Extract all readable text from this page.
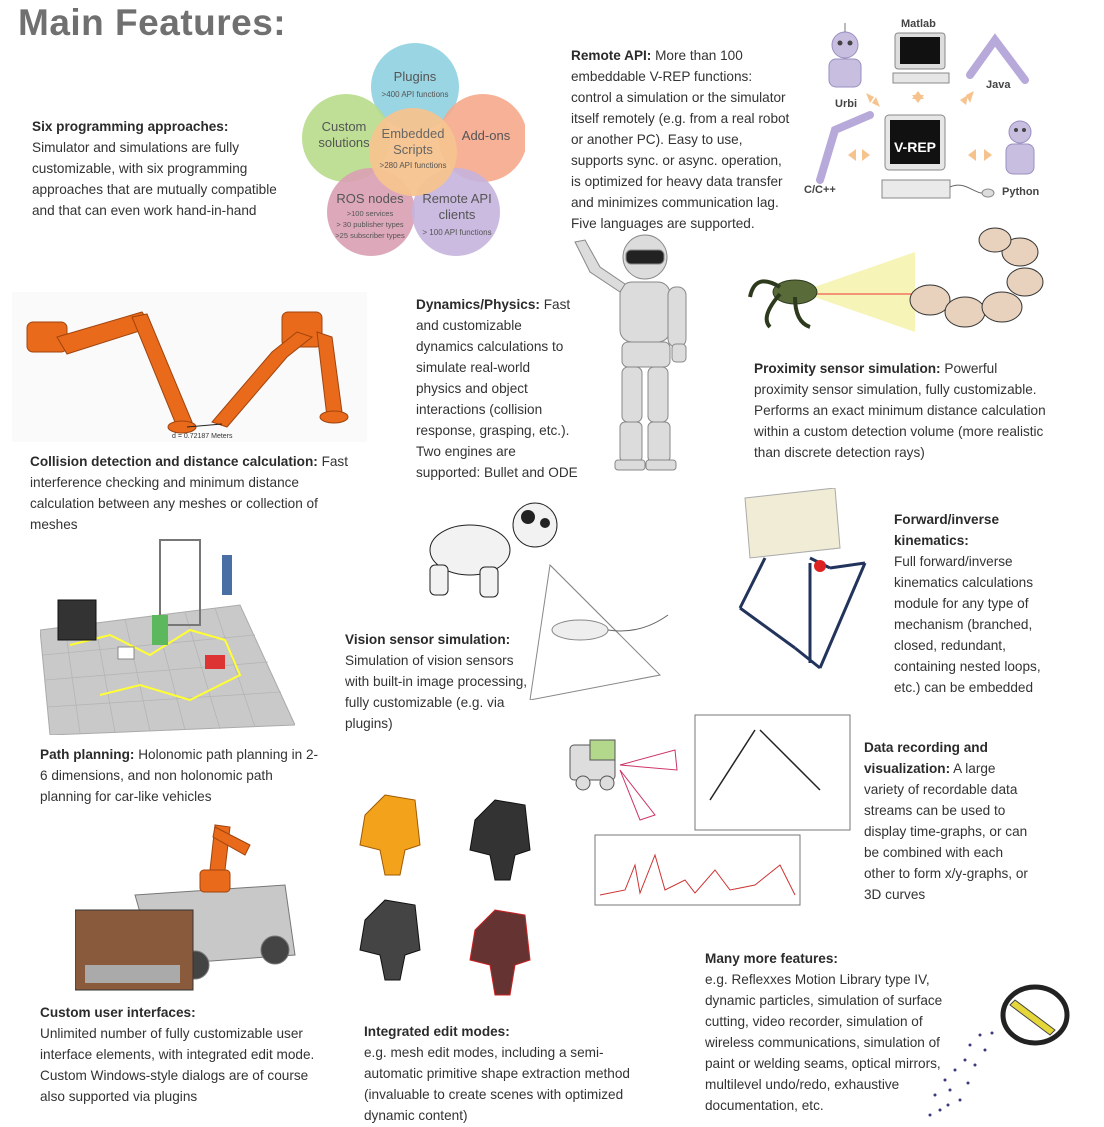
Main Features:
Six programming approaches:
Simulator and simulations are fully customizable, with six programming approaches that are mutually compatible and that can even work hand-in-hand
Plugins
>400 API functions
Custom
solutions	Add-ons
Embedded
Scripts
>280 API functions
ROS nodes
>100 services
> 30 publisher types
>25 subscriber types
Remote API
clients
> 100 API functions
Remote API: More than 100 embeddable V-REP functions: control a simulation or the simulator itself remotely (e.g. from a real robot or another PC). Easy to use, supports sync. or async. operation, is optimized for heavy data transfer and minimizes communication lag. Five languages are supported.
Urbi
Matlab
Java
V-REP
C/C++	Python
d = 0.72187 Meters
Collision detection and distance calculation: Fast interference checking and minimum distance calculation between any meshes or collection of meshes
Dynamics/Physics: Fast and customizable dynamics calculations to simulate real-world physics and object interactions (collision response, grasping, etc.). Two engines are supported: Bullet and ODE
Proximity sensor simulation: Powerful proximity sensor simulation, fully customizable. Performs an exact minimum distance calculation within a custom detection volume (more realistic than discrete detection rays)
Path planning: Holonomic path planning in 2-6 dimensions, and non holonomic path planning for car-like vehicles
Vision sensor simulation: Simulation of vision sensors with built-in image processing, fully customizable (e.g. via plugins)
Forward/inverse kinematics:
Full forward/inverse kinematics calculations module for any type of mechanism (branched, closed, redundant, containing nested loops, etc.) can be embedded
Data recording and visualization: A large variety of recordable data streams can be used to display time-graphs, or can be combined with each other to form x/y-graphs, or 3D curves
Custom user interfaces:
Unlimited number of fully customizable user interface elements, with integrated edit mode. Custom Windows-style dialogs are of course also supported via plugins
Integrated edit modes:
e.g. mesh edit modes, including a semi-automatic primitive shape extraction method (invaluable to create scenes with optimized dynamic content)
Many more features:
e.g. Reflexxes Motion Library type IV, dynamic particles, simulation of surface cutting, video recorder, simulation of wireless communications, simulation of paint or welding seams, optical mirrors, multilevel undo/redo, exhaustive documentation, etc.
